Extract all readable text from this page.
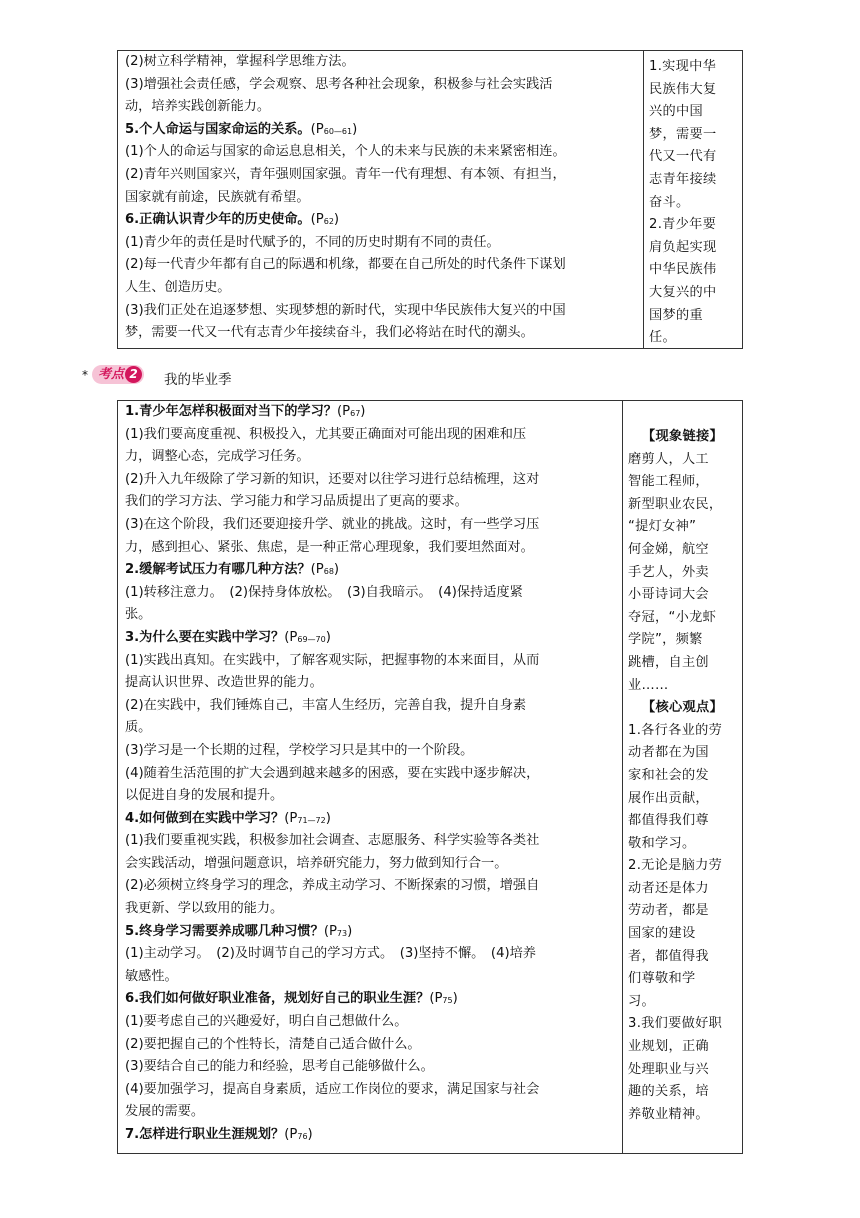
(2)树立科学精神，掌握科学思维方法。
(3)增强社会责任感，学会观察、思考各种社会现象，积极参与社会实践活
动，培养实践创新能力。
5.个人命运与国家命运的关系。$(P_{60—61})$
(1)个人的命运与国家的命运息息相关，个人的未来与民族的未来紧密相连。
(2)青年兴则国家兴，青年强则国家强。青年一代有理想、有本领、有担当，
国家就有前途，民族就有希望。
6.正确认识青少年的历史使命。$(P_{62})$
(1)青少年的责任是时代赋予的，不同的历史时期有不同的责任。
(2)每一代青少年都有自己的际遇和机缘，都要在自己所处的时代条件下谋划
人生、创造历史。
(3)我们正处在追逐梦想、实现梦想的新时代，实现中华民族伟大复兴的中国
梦，需要一代又一代有志青少年接续奋斗，我们必将站在时代的潮头。
1.实现中华
民族伟大复
兴的中国
梦，需要一
代又一代有
志青年接续
奋斗。
2.青少年要
肩负起实现
中华民族伟
大复兴的中
国梦的重
任。
* 考点 2	我的毕业季
1.青少年怎样积极面对当下的学习？$(P_{67})$
(1)我们要高度重视、积极投入，尤其要正确面对可能出现的困难和压
力，调整心态，完成学习任务。
(2)升入九年级除了学习新的知识，还要对以往学习进行总结梳理，这对
我们的学习方法、学习能力和学习品质提出了更高的要求。
(3)在这个阶段，我们还要迎接升学、就业的挑战。这时，有一些学习压
力，感到担心、紧张、焦虑，是一种正常心理现象，我们要坦然面对。
2.缓解考试压力有哪几种方法？$(P_{68})$
(1)转移注意力。　(2)保持身体放松。　(3)自我暗示。　(4)保持适度紧
张。
3.为什么要在实践中学习？$(P_{69—70})$
(1)实践出真知。在实践中，了解客观实际，把握事物的本来面目，从而
提高认识世界、改造世界的能力。
(2)在实践中，我们锤炼自己，丰富人生经历，完善自我，提升自身素
质。
(3)学习是一个长期的过程，学校学习只是其中的一个阶段。
(4)随着生活范围的扩大会遇到越来越多的困惑，要在实践中逐步解决，
以促进自身的发展和提升。
4.如何做到在实践中学习？$(P_{71—72})$
(1)我们要重视实践，积极参加社会调查、志愿服务、科学实验等各类社
会实践活动，增强问题意识，培养研究能力，努力做到知行合一。
(2)必须树立终身学习的理念，养成主动学习、不断探索的习惯，增强自
我更新、学以致用的能力。
5.终身学习需要养成哪几种习惯？$(P_{73})$
(1)主动学习。　(2)及时调节自己的学习方式。　(3)坚持不懈。　(4)培养
敏感性。
6.我们如何做好职业准备，规划好自己的职业生涯？$(P_{75})$
(1)要考虑自己的兴趣爱好，明白自己想做什么。
(2)要把握自己的个性特长，清楚自己适合做什么。
(3)要结合自己的能力和经验，思考自己能够做什么。
(4)要加强学习，提高自身素质，适应工作岗位的要求，满足国家与社会
发展的需要。
7.怎样进行职业生涯规划？$(P_{76})$
【现象链接】
磨剪人，人工
智能工程师，
新型职业农民，
“提灯女神”
何金娣，航空
手艺人，外卖
小哥诗词大会
夺冠，“小龙虾
学院”，频繁
跳槽，自主创
业……
【核心观点】
1.各行各业的劳
动者都在为国
家和社会的发
展作出贡献，
都值得我们尊
敬和学习。
2.无论是脑力劳
动者还是体力
劳动者，都是
国家的建设
者，都值得我
们尊敬和学
习。
3.我们要做好职
业规划，正确
处理职业与兴
趣的关系，培
养敬业精神。
